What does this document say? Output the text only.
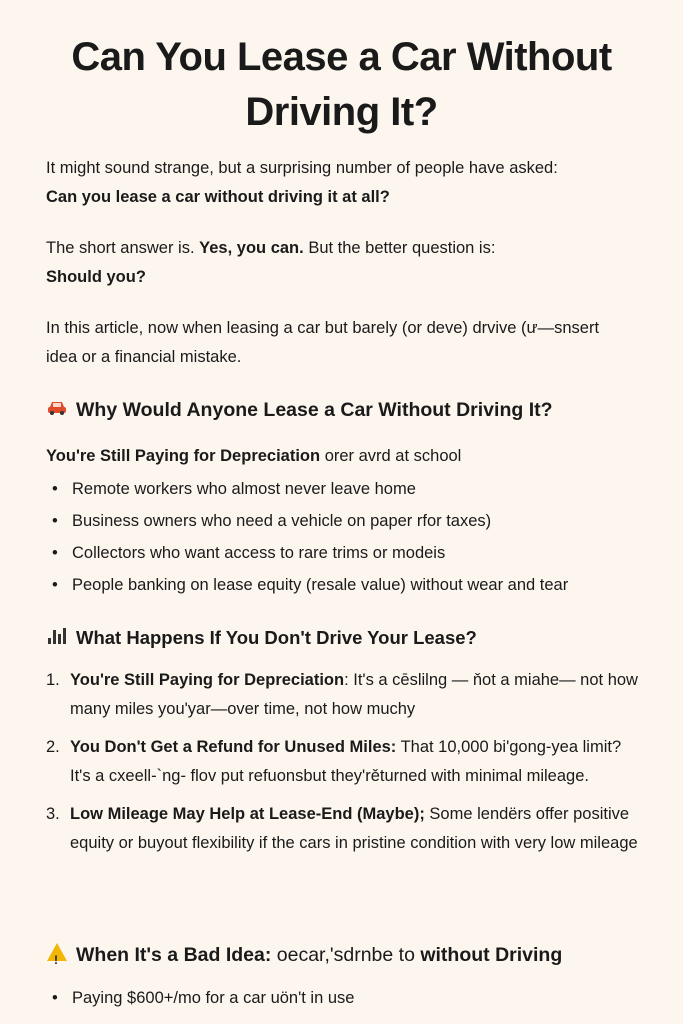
Can You Lease a Car Without Driving It?

It might sound strange, but a surprising number of people have asked:
Can you lease a car without driving it at all?

The short answer is. Yes, you can. But the better question is:
Should you?

In this article, now when leasing a car but barely (or deve) drvive (ư—snsert idea or a financial mistake.

Why Would Anyone Lease a Car Without Driving It?

You're Still Paying for Depreciation orer avrd at school

• Remote workers who almost never leave home
• Business owners who need a vehicle on paper rfor taxes)
• Collectors who want access to rare trims or modeis
• People banking on lease equity (resale value) without wear and tear
What Happens If You Don't Drive Your Lease?
1. You're Still Paying for Depreciation: It's a cēslilng — ňot a miahe— not how many miles you'yar—over time, not how muchy
2. You Don't Get a Refund for Unused Miles: That 10,000 bi'gong-yea limit? It's a cxeell-`ng- flov put refuonsbut they'rěturned with minimal mileage.
3. Low Mileage May Help at Lease-End (Maybe); Some lendërs offer positive equity or buyout flexibility if the cars in pristine condition with very low mileage
!
When It's a Bad Idea: oecar,'sdrnbe to without Driving
• Paying $600+/mo for a car uön't in use
